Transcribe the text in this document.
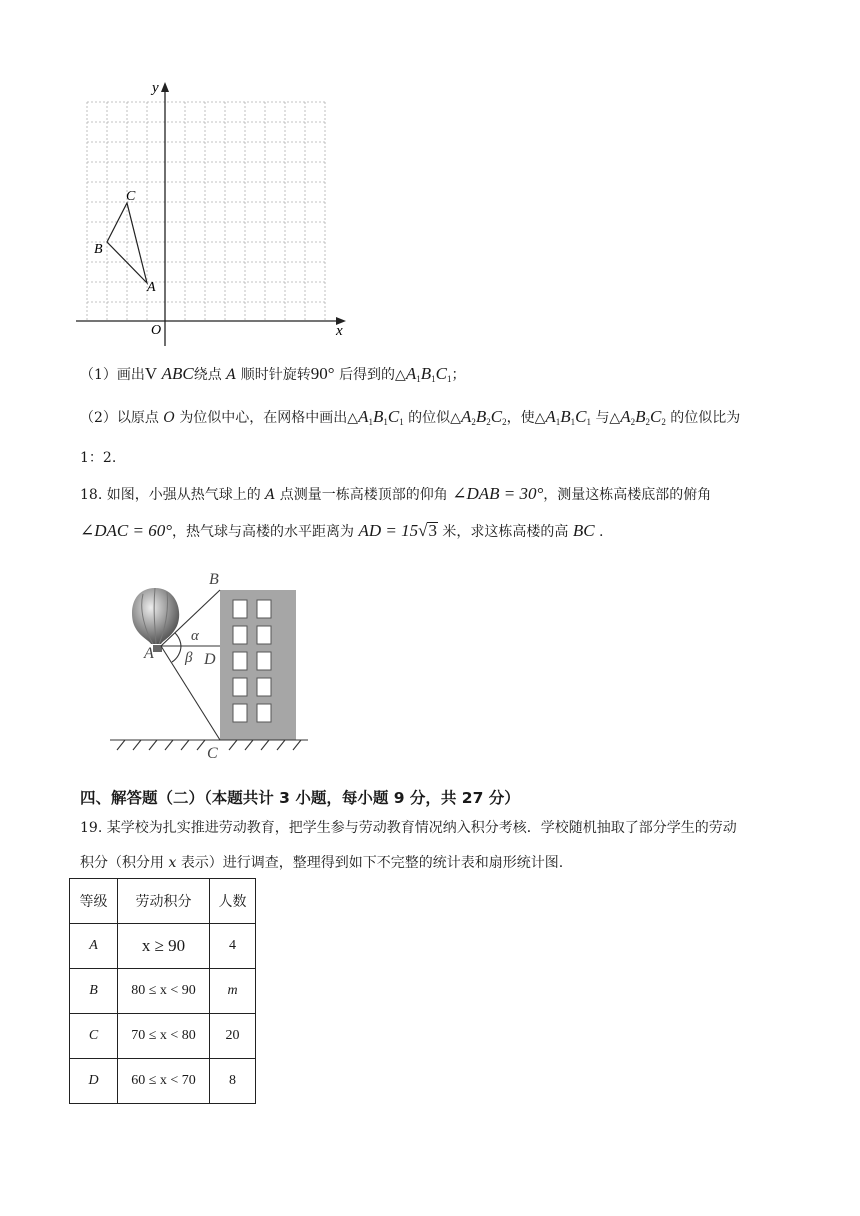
y
x
O
A
B
C
（1）画出V ABC绕点 A 顺时针旋转90° 后得到的$\triangle A_1B_1C_1$；
（2）以原点 O 为位似中心，在网格中画出$\triangle A_1B_1C_1$ 的位似$\triangle A_2B_2C_2$，使$\triangle A_1B_1C_1$ 与$\triangle A_2B_2C_2$ 的位似比为
1：2.
18. 如图，小强从热气球上的 A 点测量一栋高楼顶部的仰角 ∠DAB = 30°，测量这栋高楼底部的俯角
∠DAC = 60°，热气球与高楼的水平距离为 AD = 15√3 米，求这栋高楼的高 BC .
B
A
α
β D
C
四、解答题（二）（本题共计 3 小题，每小题 9 分，共 27 分）
19. 某学校为扎实推进劳动教育，把学生参与劳动教育情况纳入积分考核．学校随机抽取了部分学生的劳动
积分（积分用 x 表示）进行调查，整理得到如下不完整的统计表和扇形统计图.
等级	劳动积分	人数
A	x ≥ 90	4
B	80 ≤ x < 90	m
C	70 ≤ x < 80	20
D	60 ≤ x < 70	8
